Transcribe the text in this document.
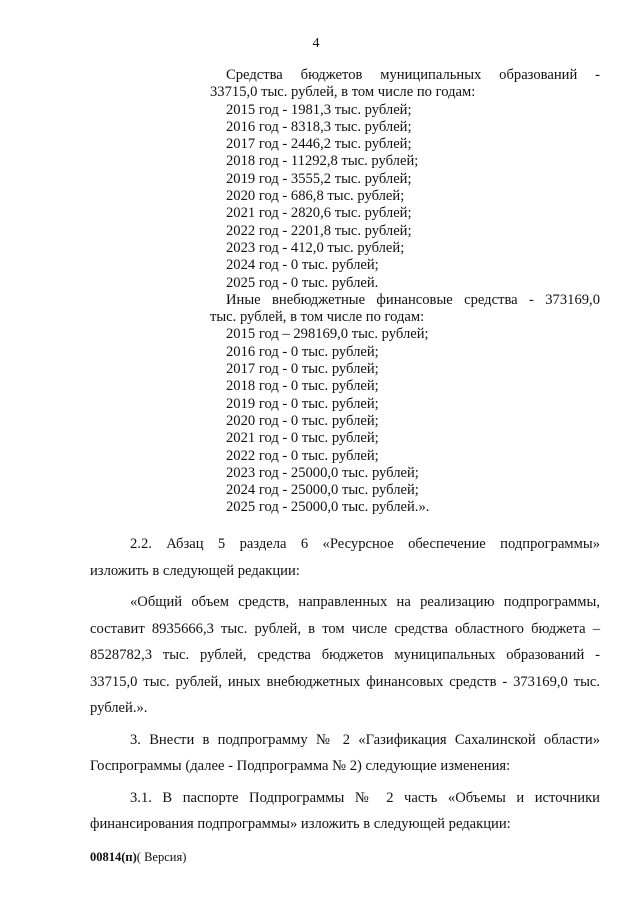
4
Средства бюджетов муниципальных образований -
33715,0 тыс. рублей, в том числе по годам:
2015 год - 1981,3 тыс. рублей;
2016 год - 8318,3 тыс. рублей;
2017 год - 2446,2 тыс. рублей;
2018 год - 11292,8 тыс. рублей;
2019 год - 3555,2 тыс. рублей;
2020 год - 686,8 тыс. рублей;
2021 год - 2820,6 тыс. рублей;
2022 год - 2201,8 тыс. рублей;
2023 год - 412,0 тыс. рублей;
2024 год - 0 тыс. рублей;
2025 год - 0 тыс. рублей.
Иные внебюджетные финансовые средства - 373169,0
тыс. рублей, в том числе по годам:
2015 год – 298169,0 тыс. рублей;
2016 год - 0 тыс. рублей;
2017 год - 0 тыс. рублей;
2018 год - 0 тыс. рублей;
2019 год - 0 тыс. рублей;
2020 год - 0 тыс. рублей;
2021 год - 0 тыс. рублей;
2022 год - 0 тыс. рублей;
2023 год - 25000,0 тыс. рублей;
2024 год - 25000,0 тыс. рублей;
2025 год - 25000,0 тыс. рублей.».
2.2. Абзац 5 раздела 6 «Ресурсное обеспечение подпрограммы»
изложить в следующей редакции:
«Общий объем средств, направленных на реализацию подпрограммы,
составит 8935666,3 тыс. рублей, в том числе средства областного бюджета –
8528782,3 тыс. рублей, средства бюджетов муниципальных образований -
33715,0 тыс. рублей, иных внебюджетных финансовых средств - 373169,0 тыс.
рублей.».
3. Внести в подпрограмму № 2 «Газификация Сахалинской области»
Госпрограммы (далее - Подпрограмма № 2) следующие изменения:
3.1. В паспорте Подпрограммы № 2 часть «Объемы и источники
финансирования подпрограммы» изложить в следующей редакции:
00814(п)( Версия)
